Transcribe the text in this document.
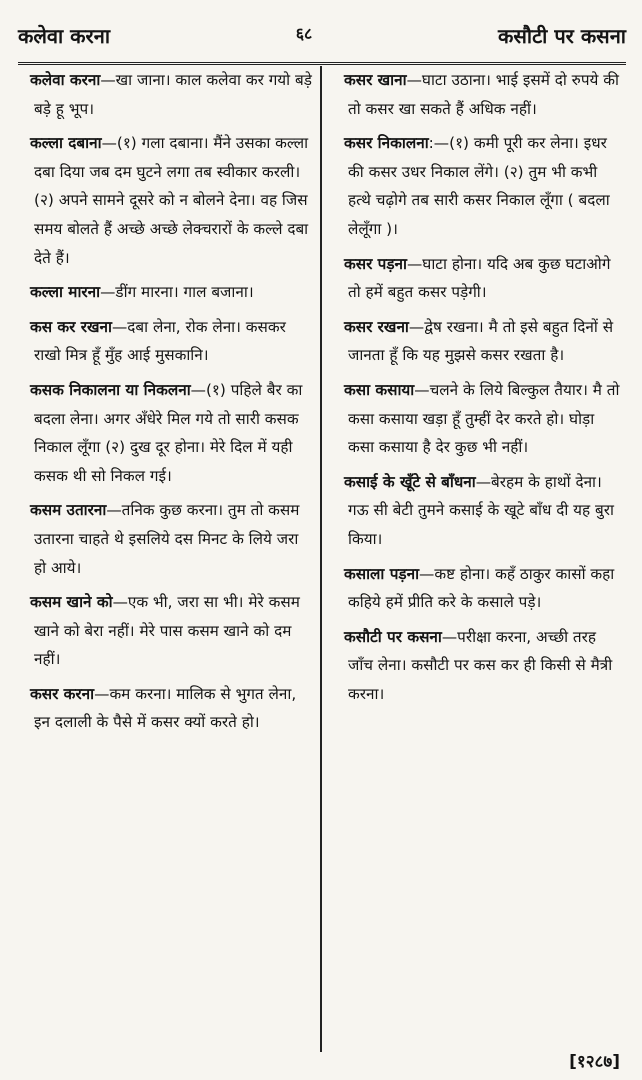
कलेवा करना	६८	कसौटी पर कसना

कलेवा करना—खा जाना। काल कलेवा कर गयो बड़े बड़े हू भूप।

कल्ला दबाना—(१) गला दबाना। मैंने उसका कल्ला दबा दिया जब दम घुटने लगा तब स्वीकार करली। (२) अपने सामने दूसरे को न बोलने देना। वह जिस समय बोलते हैं अच्छे अच्छे लेक्चरारों के कल्ले दबा देते हैं।

कल्ला मारना—डींग मारना। गाल बजाना।

कस कर रखना—दबा लेना, रोक लेना। कसकर राखो मित्र हूँ मुँह आई मुसकानि।

कसक निकालना या निकलना—(१) पहिले बैर का बदला लेना। अगर अँधेरे मिल गये तो सारी कसक निकाल लूँगा (२) दुख दूर होना। मेरे दिल में यही कसक थी सो निकल गई।

कसम उतारना—तनिक कुछ करना। तुम तो कसम उतारना चाहते थे इसलिये दस मिनट के लिये जरा हो आये।

कसम खाने को—एक भी, जरा सा भी। मेरे कसम खाने को बेरा नहीं। मेरे पास कसम खाने को दम नहीं।

कसर करना—कम करना। मालिक से भुगत लेना, इन दलाली के पैसे में कसर क्यों करते हो।

कसर खाना—घाटा उठाना। भाई इसमें दो रुपये की तो कसर खा सकते हैं अधिक नहीं।

कसर निकालना:—(१) कमी पूरी कर लेना। इधर की कसर उधर निकाल लेंगे। (२) तुम भी कभी हत्थे चढ़ोगे तब सारी कसर निकाल लूँगा ( बदला लेलूँगा )।

कसर पड़ना—घाटा होना। यदि अब कुछ घटाओगे तो हमें बहुत कसर पड़ेगी।

कसर रखना—द्वेष रखना। मै तो इसे बहुत दिनों से जानता हूँ कि यह मुझसे कसर रखता है।

कसा कसाया—चलने के लिये बिल्कुल तैयार। मै तो कसा कसाया खड़ा हूँ तुम्हीं देर करते हो। घोड़ा कसा कसाया है देर कुछ भी नहीं।

कसाई के खूँटे से बाँधना—बेरहम के हाथों देना। गऊ सी बेटी तुमने कसाई के खूटे बाँध दी यह बुरा किया।

कसाला पड़ना—कष्ट होना। कहँ ठाकुर कासों कहा कहिये हमें प्रीति करे के कसाले पड़े।

कसौटी पर कसना—परीक्षा करना, अच्छी तरह जाँच लेना। कसौटी पर कस कर ही किसी से मैत्री करना।

[१२८७]
